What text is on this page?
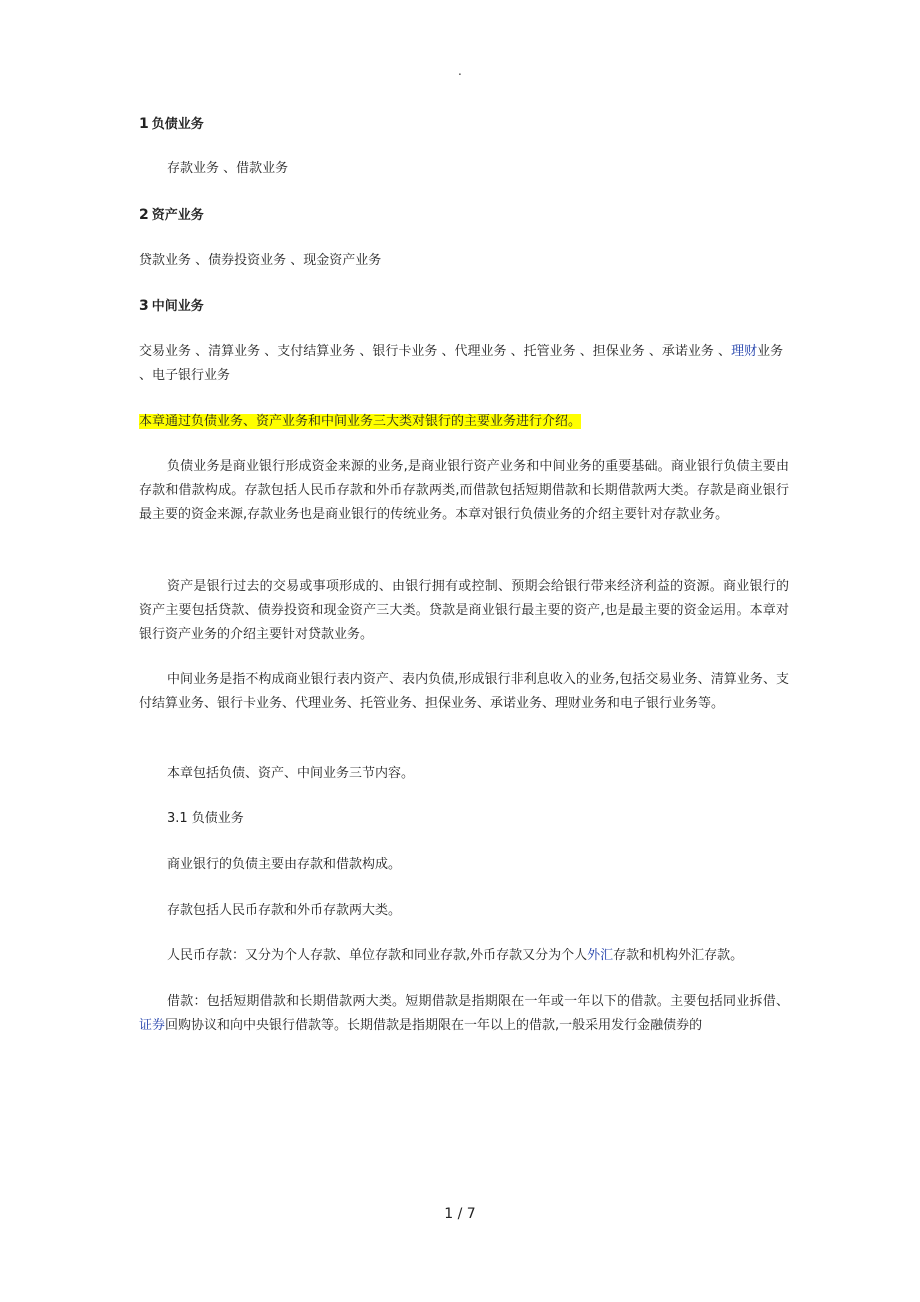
.

1 负债业务

存款业务 、借款业务

2 资产业务

贷款业务 、债券投资业务 、现金资产业务

3 中间业务

交易业务 、清算业务 、支付结算业务 、银行卡业务 、代理业务 、托管业务 、担保业务 、承诺业务 、理财业务 、电子银行业务

本章通过负债业务、资产业务和中间业务三大类对银行的主要业务进行介绍。

负债业务是商业银行形成资金来源的业务,是商业银行资产业务和中间业务的重要基础。商业银行负债主要由存款和借款构成。存款包括人民币存款和外币存款两类,而借款包括短期借款和长期借款两大类。存款是商业银行最主要的资金来源,存款业务也是商业银行的传统业务。本章对银行负债业务的介绍主要针对存款业务。

资产是银行过去的交易或事项形成的、由银行拥有或控制、预期会给银行带来经济利益的资源。商业银行的资产主要包括贷款、债券投资和现金资产三大类。贷款是商业银行最主要的资产,也是最主要的资金运用。本章对银行资产业务的介绍主要针对贷款业务。

中间业务是指不构成商业银行表内资产、表内负债,形成银行非利息收入的业务,包括交易业务、清算业务、支付结算业务、银行卡业务、代理业务、托管业务、担保业务、承诺业务、理财业务和电子银行业务等。

本章包括负债、资产、中间业务三节内容。

3.1 负债业务

商业银行的负债主要由存款和借款构成。

存款包括人民币存款和外币存款两大类。

人民币存款：又分为个人存款、单位存款和同业存款,外币存款又分为个人外汇存款和机构外汇存款。

借款：包括短期借款和长期借款两大类。短期借款是指期限在一年或一年以下的借款。主要包括同业拆借、证券回购协议和向中央银行借款等。长期借款是指期限在一年以上的借款,一般采用发行金融债券的

1 / 7
